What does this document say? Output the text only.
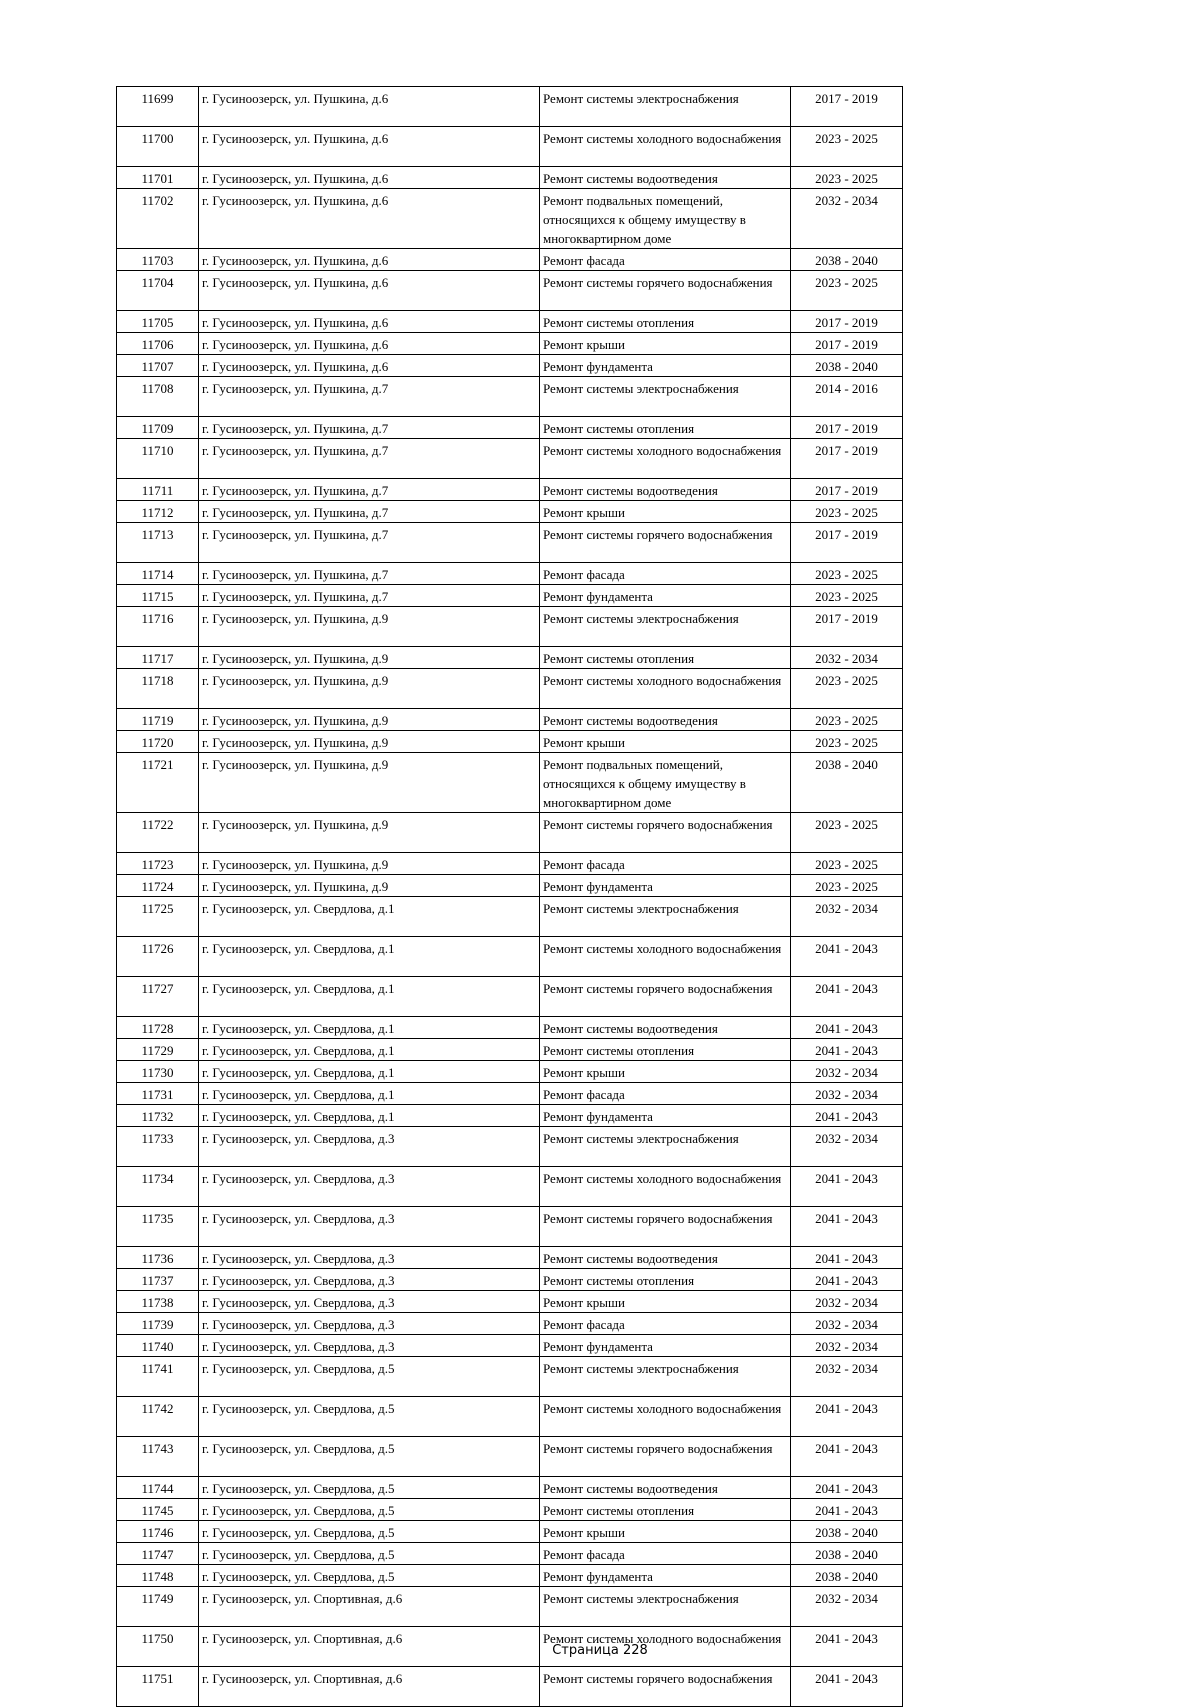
11699	г. Гусиноозерск, ул. Пушкина, д.6	Ремонт системы электроснабжения	2017 - 2019
11700	г. Гусиноозерск, ул. Пушкина, д.6	Ремонт системы холодного водоснабжения	2023 - 2025
11701	г. Гусиноозерск, ул. Пушкина, д.6	Ремонт системы водоотведения	2023 - 2025
11702	г. Гусиноозерск, ул. Пушкина, д.6	Ремонт подвальных помещений, относящихся к общему имуществу в многоквартирном доме	2032 - 2034
11703	г. Гусиноозерск, ул. Пушкина, д.6	Ремонт фасада	2038 - 2040
11704	г. Гусиноозерск, ул. Пушкина, д.6	Ремонт системы горячего водоснабжения	2023 - 2025
11705	г. Гусиноозерск, ул. Пушкина, д.6	Ремонт системы отопления	2017 - 2019
11706	г. Гусиноозерск, ул. Пушкина, д.6	Ремонт крыши	2017 - 2019
11707	г. Гусиноозерск, ул. Пушкина, д.6	Ремонт фундамента	2038 - 2040
11708	г. Гусиноозерск, ул. Пушкина, д.7	Ремонт системы электроснабжения	2014 - 2016
11709	г. Гусиноозерск, ул. Пушкина, д.7	Ремонт системы отопления	2017 - 2019
11710	г. Гусиноозерск, ул. Пушкина, д.7	Ремонт системы холодного водоснабжения	2017 - 2019
11711	г. Гусиноозерск, ул. Пушкина, д.7	Ремонт системы водоотведения	2017 - 2019
11712	г. Гусиноозерск, ул. Пушкина, д.7	Ремонт крыши	2023 - 2025
11713	г. Гусиноозерск, ул. Пушкина, д.7	Ремонт системы горячего водоснабжения	2017 - 2019
11714	г. Гусиноозерск, ул. Пушкина, д.7	Ремонт фасада	2023 - 2025
11715	г. Гусиноозерск, ул. Пушкина, д.7	Ремонт фундамента	2023 - 2025
11716	г. Гусиноозерск, ул. Пушкина, д.9	Ремонт системы электроснабжения	2017 - 2019
11717	г. Гусиноозерск, ул. Пушкина, д.9	Ремонт системы отопления	2032 - 2034
11718	г. Гусиноозерск, ул. Пушкина, д.9	Ремонт системы холодного водоснабжения	2023 - 2025
11719	г. Гусиноозерск, ул. Пушкина, д.9	Ремонт системы водоотведения	2023 - 2025
11720	г. Гусиноозерск, ул. Пушкина, д.9	Ремонт крыши	2023 - 2025
11721	г. Гусиноозерск, ул. Пушкина, д.9	Ремонт подвальных помещений, относящихся к общему имуществу в многоквартирном доме	2038 - 2040
11722	г. Гусиноозерск, ул. Пушкина, д.9	Ремонт системы горячего водоснабжения	2023 - 2025
11723	г. Гусиноозерск, ул. Пушкина, д.9	Ремонт фасада	2023 - 2025
11724	г. Гусиноозерск, ул. Пушкина, д.9	Ремонт фундамента	2023 - 2025
11725	г. Гусиноозерск, ул. Свердлова, д.1	Ремонт системы электроснабжения	2032 - 2034
11726	г. Гусиноозерск, ул. Свердлова, д.1	Ремонт системы холодного водоснабжения	2041 - 2043
11727	г. Гусиноозерск, ул. Свердлова, д.1	Ремонт системы горячего водоснабжения	2041 - 2043
11728	г. Гусиноозерск, ул. Свердлова, д.1	Ремонт системы водоотведения	2041 - 2043
11729	г. Гусиноозерск, ул. Свердлова, д.1	Ремонт системы отопления	2041 - 2043
11730	г. Гусиноозерск, ул. Свердлова, д.1	Ремонт крыши	2032 - 2034
11731	г. Гусиноозерск, ул. Свердлова, д.1	Ремонт фасада	2032 - 2034
11732	г. Гусиноозерск, ул. Свердлова, д.1	Ремонт фундамента	2041 - 2043
11733	г. Гусиноозерск, ул. Свердлова, д.3	Ремонт системы электроснабжения	2032 - 2034
11734	г. Гусиноозерск, ул. Свердлова, д.3	Ремонт системы холодного водоснабжения	2041 - 2043
11735	г. Гусиноозерск, ул. Свердлова, д.3	Ремонт системы горячего водоснабжения	2041 - 2043
11736	г. Гусиноозерск, ул. Свердлова, д.3	Ремонт системы водоотведения	2041 - 2043
11737	г. Гусиноозерск, ул. Свердлова, д.3	Ремонт системы отопления	2041 - 2043
11738	г. Гусиноозерск, ул. Свердлова, д.3	Ремонт крыши	2032 - 2034
11739	г. Гусиноозерск, ул. Свердлова, д.3	Ремонт фасада	2032 - 2034
11740	г. Гусиноозерск, ул. Свердлова, д.3	Ремонт фундамента	2032 - 2034
11741	г. Гусиноозерск, ул. Свердлова, д.5	Ремонт системы электроснабжения	2032 - 2034
11742	г. Гусиноозерск, ул. Свердлова, д.5	Ремонт системы холодного водоснабжения	2041 - 2043
11743	г. Гусиноозерск, ул. Свердлова, д.5	Ремонт системы горячего водоснабжения	2041 - 2043
11744	г. Гусиноозерск, ул. Свердлова, д.5	Ремонт системы водоотведения	2041 - 2043
11745	г. Гусиноозерск, ул. Свердлова, д.5	Ремонт системы отопления	2041 - 2043
11746	г. Гусиноозерск, ул. Свердлова, д.5	Ремонт крыши	2038 - 2040
11747	г. Гусиноозерск, ул. Свердлова, д.5	Ремонт фасада	2038 - 2040
11748	г. Гусиноозерск, ул. Свердлова, д.5	Ремонт фундамента	2038 - 2040
11749	г. Гусиноозерск, ул. Спортивная, д.6	Ремонт системы электроснабжения	2032 - 2034
11750	г. Гусиноозерск, ул. Спортивная, д.6	Ремонт системы холодного водоснабжения	2041 - 2043
11751	г. Гусиноозерск, ул. Спортивная, д.6	Ремонт системы горячего водоснабжения	2041 - 2043
Страница 228
